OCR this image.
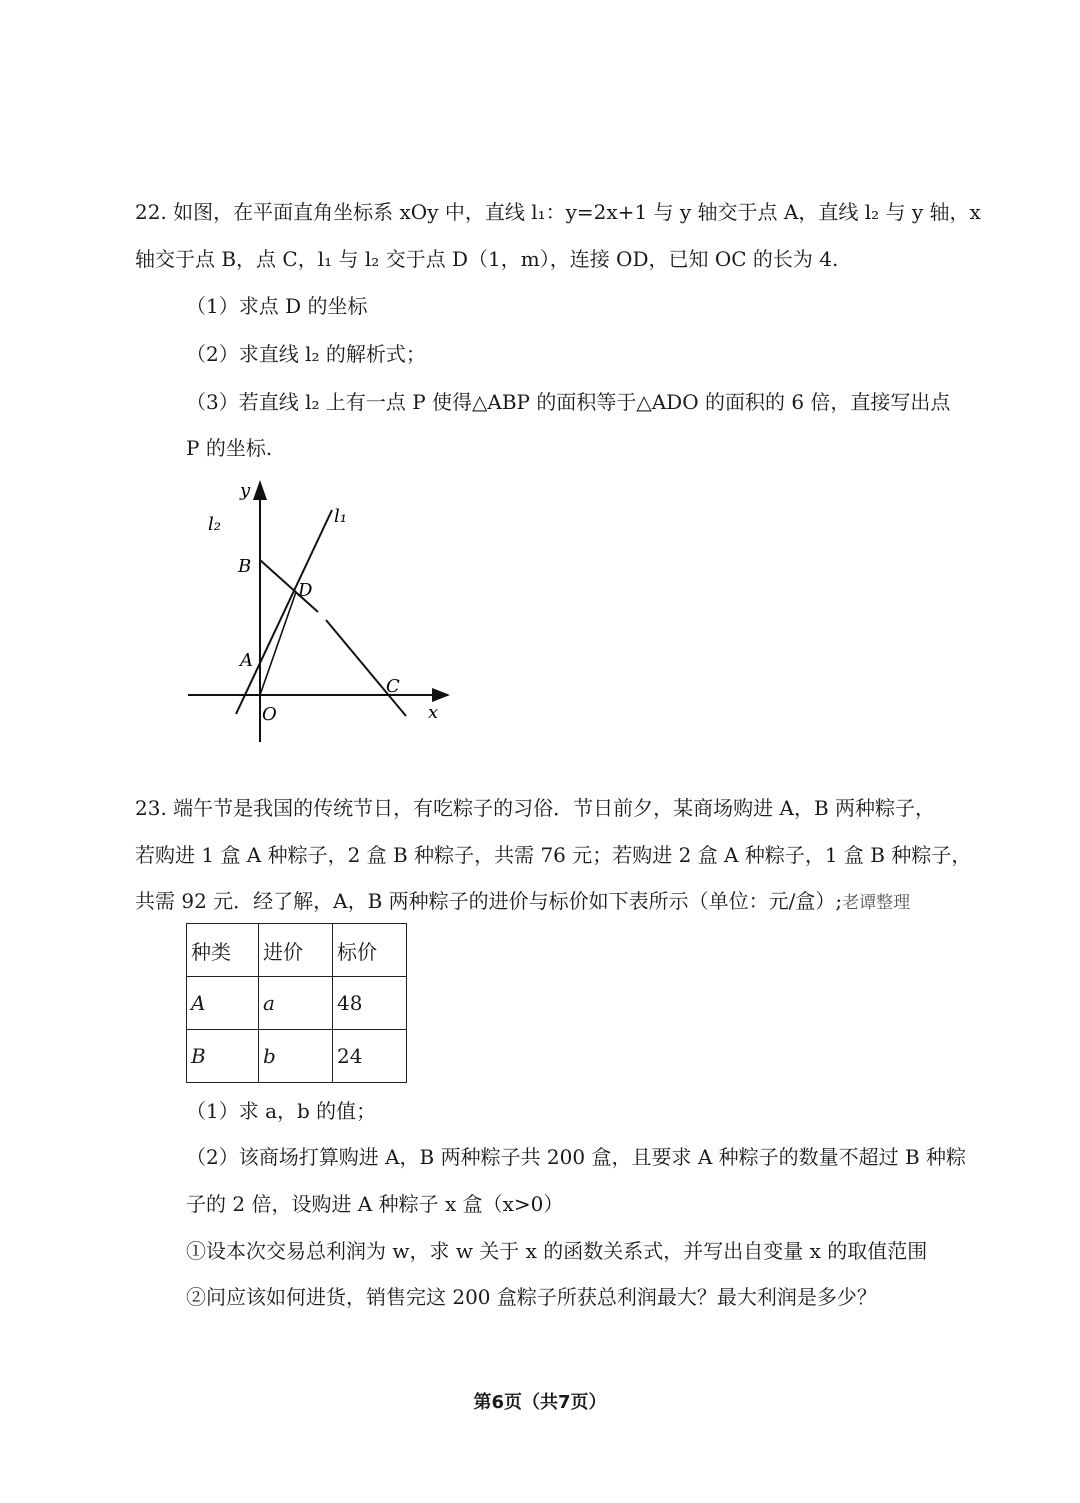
22. 如图，在平面直角坐标系 xOy 中，直线 l₁：y=2x+1 与 y 轴交于点 A，直线 l₂ 与 y 轴，x
轴交于点 B，点 C，l₁ 与 l₂ 交于点 D（1，m），连接 OD，已知 OC 的长为 4.
（1）求点 D 的坐标
（2）求直线 l₂ 的解析式；
（3）若直线 l₂ 上有一点 P 使得△ABP 的面积等于△ADO 的面积的 6 倍，直接写出点
P 的坐标.
y
x
O
A
B
C
D
l₁
l₂
23. 端午节是我国的传统节日，有吃粽子的习俗．节日前夕，某商场购进 A，B 两种粽子，
若购进 1 盒 A 种粽子，2 盒 B 种粽子，共需 76 元；若购进 2 盒 A 种粽子，1 盒 B 种粽子，
共需 92 元．经了解，A，B 两种粽子的进价与标价如下表所示（单位：元/盒）;老谭整理
种类	进价	标价
A	a	48
B	b	24
（1）求 a，b 的值；
（2）该商场打算购进 A，B 两种粽子共 200 盒，且要求 A 种粽子的数量不超过 B 种粽
子的 2 倍，设购进 A 种粽子 x 盒（x>0）
①设本次交易总利润为 w，求 w 关于 x 的函数关系式，并写出自变量 x 的取值范围
②问应该如何进货，销售完这 200 盒粽子所获总利润最大？最大利润是多少？
第6页（共7页）
